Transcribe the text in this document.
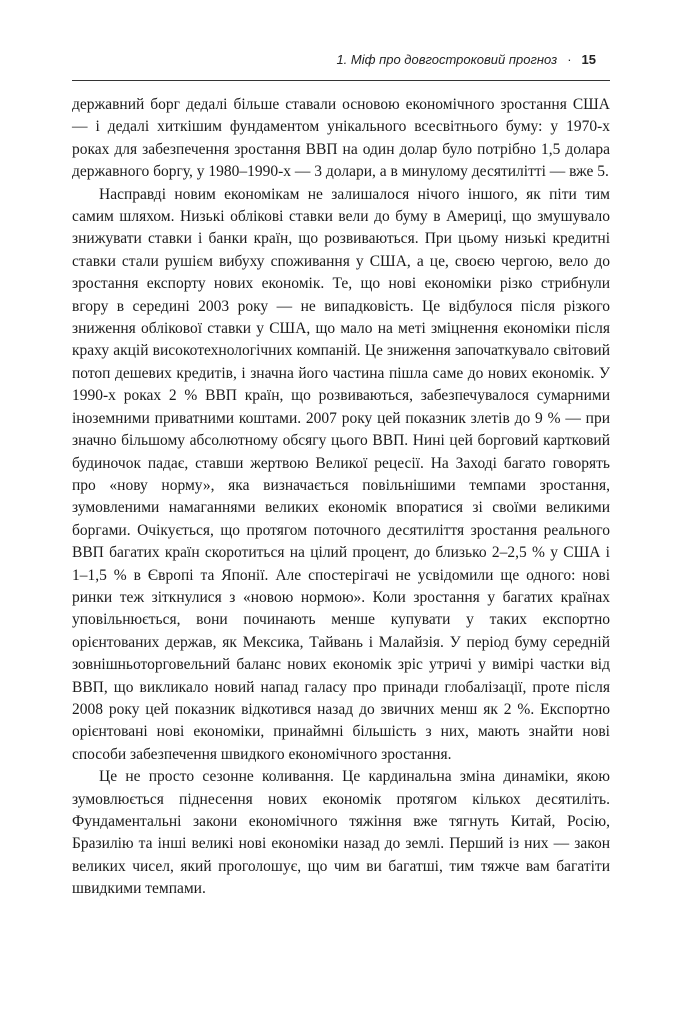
1. Міф про довгостроковий прогноз · 15

державний борг дедалі більше ставали основою економічного зростання США — і дедалі хиткішим фундаментом унікального всесвітнього буму: у 1970-х роках для забезпечення зростання ВВП на один долар було потрібно 1,5 долара державного боргу, у 1980–1990-х — 3 долари, а в минулому десятилітті — вже 5.

Насправді новим економікам не залишалося нічого іншого, як піти тим самим шляхом. Низькі облікові ставки вели до буму в Америці, що змушувало знижувати ставки і банки країн, що розвиваються. При цьому низькі кредитні ставки стали рушієм вибуху споживання у США, а це, своєю чергою, вело до зростання експорту нових економік. Те, що нові економіки різко стрибнули вгору в середині 2003 року — не випадковість. Це відбулося після різкого зниження облікової ставки у США, що мало на меті зміцнення економіки після краху акцій високотехнологічних компаній. Це зниження започаткувало світовий потоп дешевих кредитів, і значна його частина пішла саме до нових економік. У 1990-х роках 2 % ВВП країн, що розвиваються, забезпечувалося сумарними іноземними приватними коштами. 2007 року цей показник злетів до 9 % — при значно більшому абсолютному обсягу цього ВВП. Нині цей борговий картковий будиночок падає, ставши жертвою Великої рецесії. На Заході багато говорять про «нову норму», яка визначається повільнішими темпами зростання, зумовленими намаганнями великих економік впоратися зі своїми великими боргами. Очікується, що протягом поточного десятиліття зростання реального ВВП багатих країн скоротиться на цілий процент, до близько 2–2,5 % у США і 1–1,5 % в Європі та Японії. Але спостерігачі не усвідомили ще одного: нові ринки теж зіткнулися з «новою нормою». Коли зростання у багатих країнах уповільнюється, вони починають менше купувати у таких експортно орієнтованих держав, як Мексика, Тайвань і Малайзія. У період буму середній зовнішньоторговельний баланс нових економік зріс утричі у вимірі частки від ВВП, що викликало новий напад галасу про принади глобалізації, проте після 2008 року цей показник відкотився назад до звичних менш як 2 %. Експортно орієнтовані нові економіки, принаймні більшість з них, мають знайти нові способи забезпечення швидкого економічного зростання.

Це не просто сезонне коливання. Це кардинальна зміна динаміки, якою зумовлюється піднесення нових економік протягом кількох десятиліть. Фундаментальні закони економічного тяжіння вже тягнуть Китай, Росію, Бразилію та інші великі нові економіки назад до землі. Перший із них — закон великих чисел, який проголошує, що чим ви багатші, тим тяжче вам багатіти швидкими темпами.
